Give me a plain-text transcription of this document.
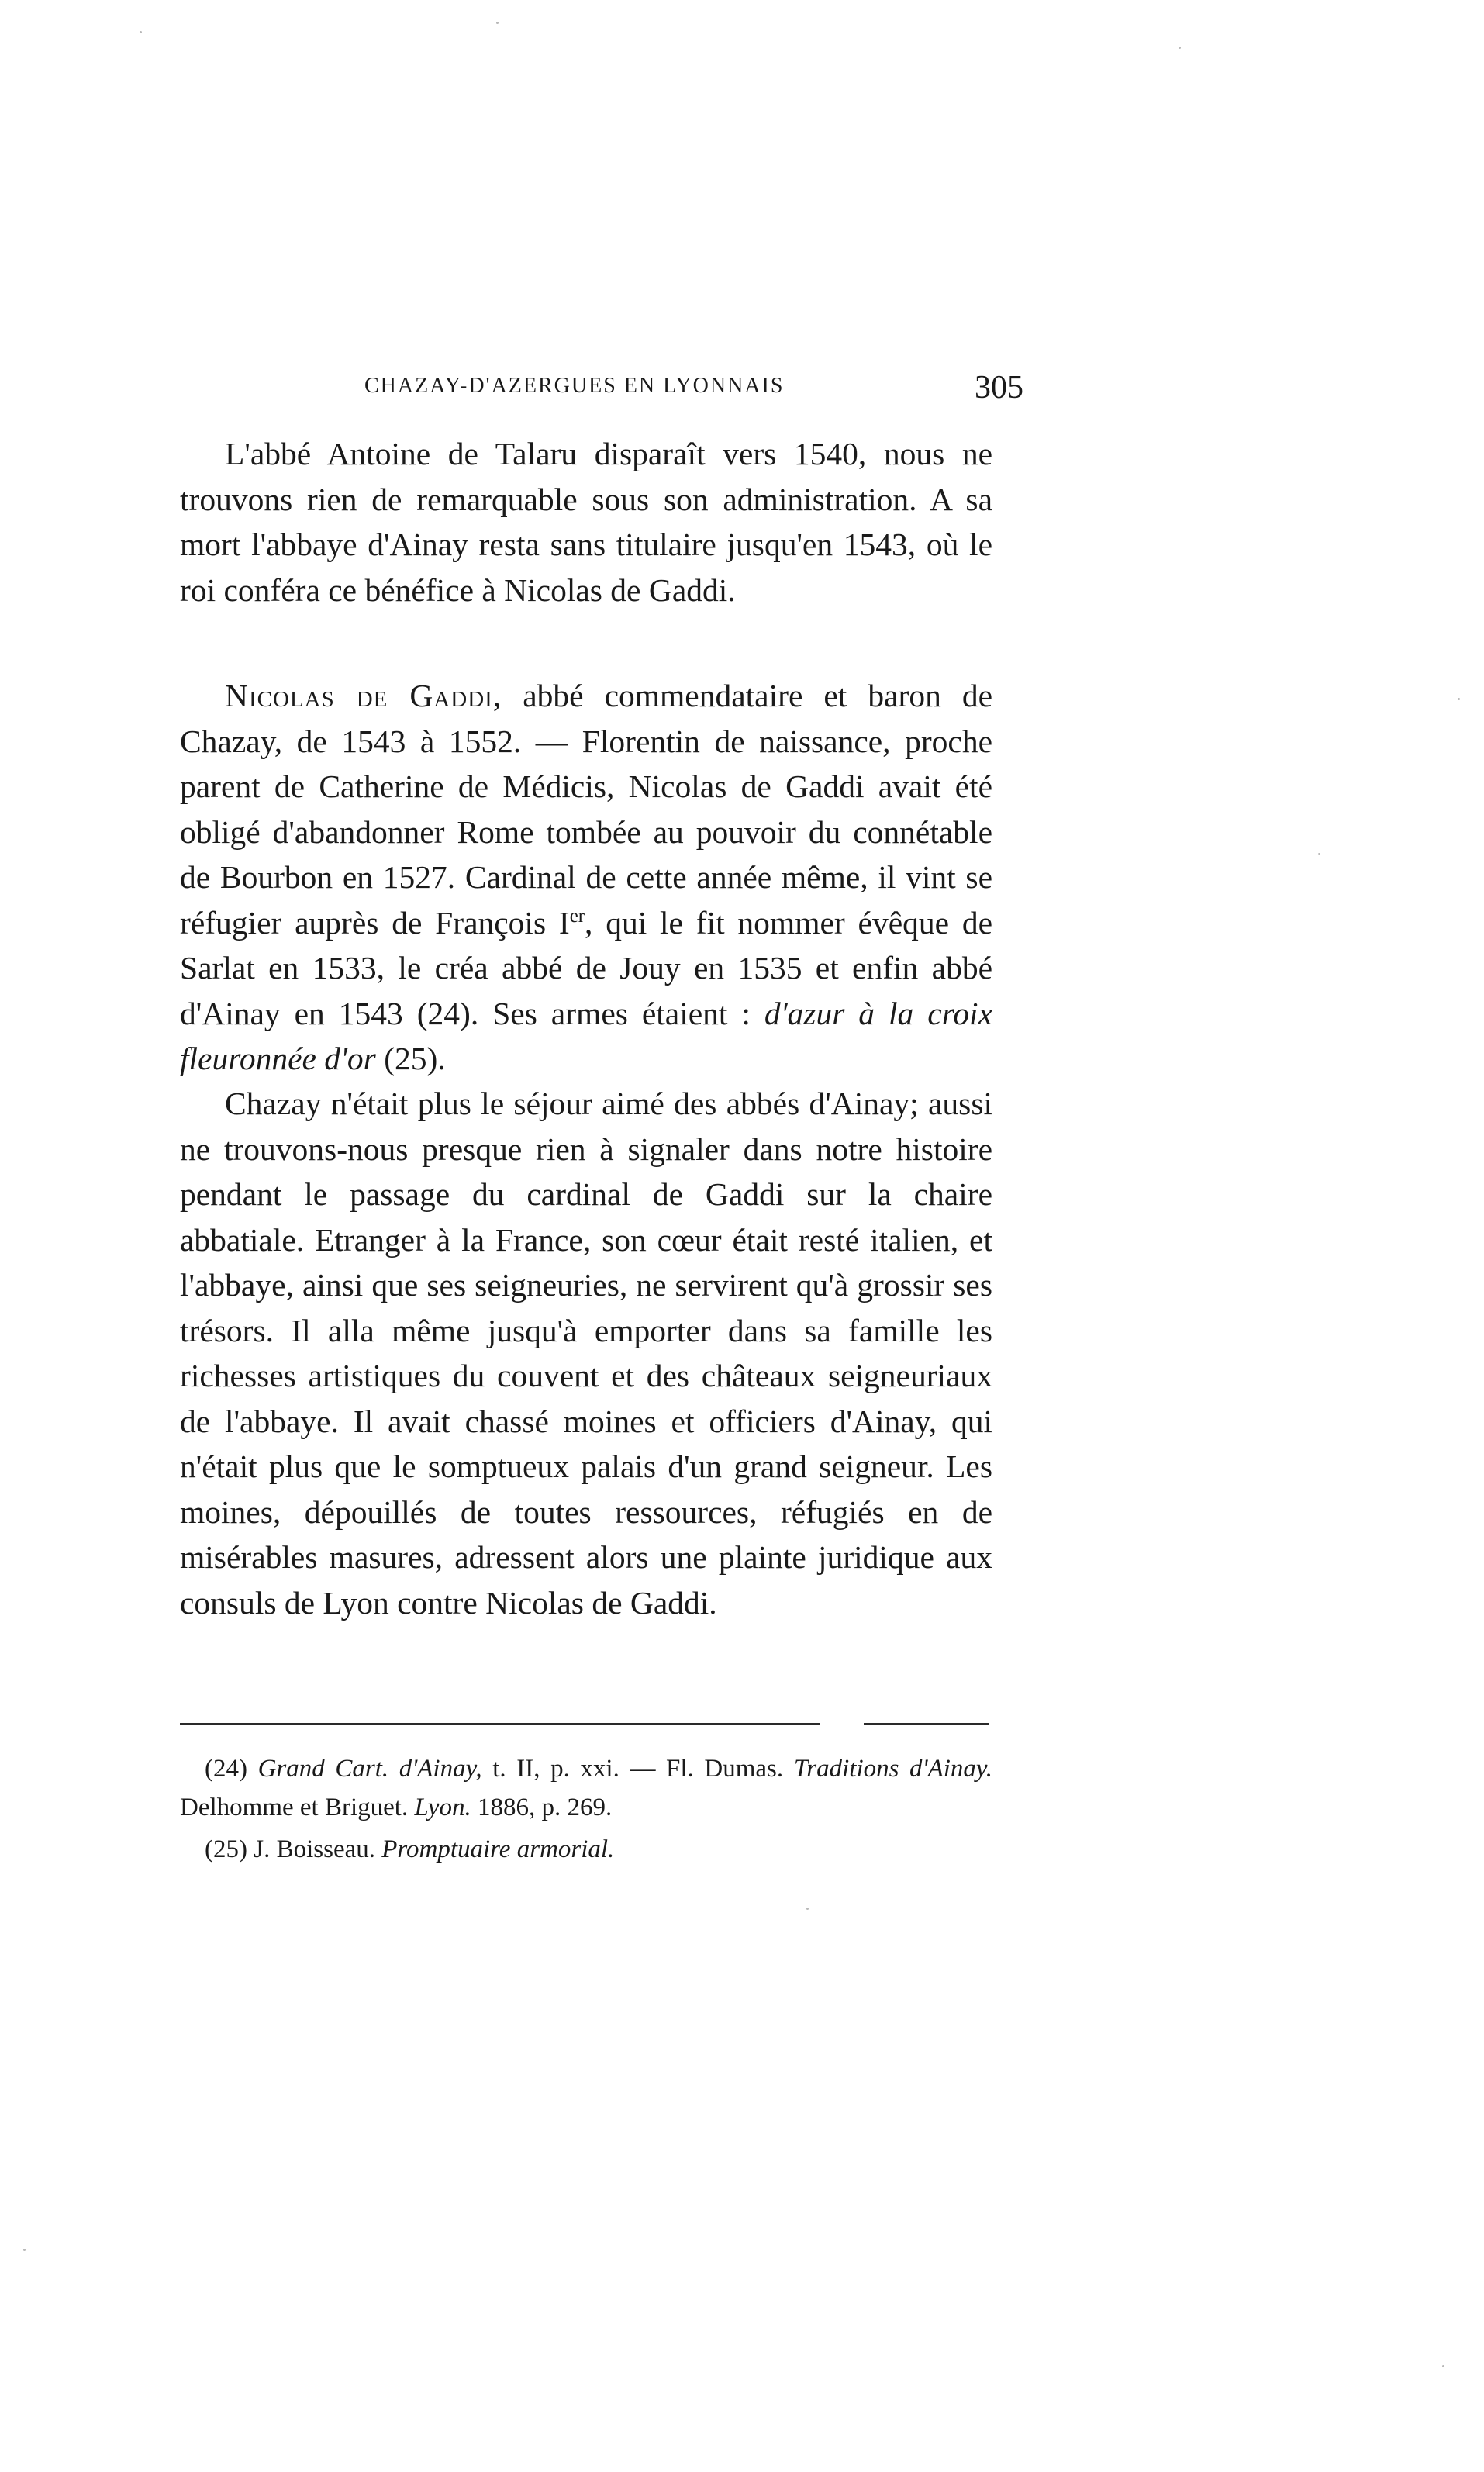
CHAZAY-D'AZERGUES EN LYONNAIS	305

L'abbé Antoine de Talaru disparaît vers 1540, nous ne trouvons rien de remarquable sous son administration. A sa mort l'abbaye d'Ainay resta sans titulaire jusqu'en 1543, où le roi conféra ce bénéfice à Nicolas de Gaddi.

Nicolas de Gaddi, abbé commendataire et baron de Chazay, de 1543 à 1552. — Florentin de naissance, proche parent de Catherine de Médicis, Nicolas de Gaddi avait été obligé d'abandonner Rome tombée au pouvoir du connétable de Bourbon en 1527. Cardinal de cette année même, il vint se réfugier auprès de François Ier, qui le fit nommer évêque de Sarlat en 1533, le créa abbé de Jouy en 1535 et enfin abbé d'Ainay en 1543 (24). Ses armes étaient : d'azur à la croix fleuronnée d'or (25).

Chazay n'était plus le séjour aimé des abbés d'Ainay; aussi ne trouvons-nous presque rien à signaler dans notre histoire pendant le passage du cardinal de Gaddi sur la chaire abbatiale. Etranger à la France, son cœur était resté italien, et l'abbaye, ainsi que ses seigneuries, ne servirent qu'à grossir ses trésors. Il alla même jusqu'à emporter dans sa famille les richesses artistiques du couvent et des châteaux seigneuriaux de l'abbaye. Il avait chassé moines et officiers d'Ainay, qui n'était plus que le somptueux palais d'un grand seigneur. Les moines, dépouillés de toutes ressources, réfugiés en de misérables masures, adressent alors une plainte juridique aux consuls de Lyon contre Nicolas de Gaddi.

(24) Grand Cart. d'Ainay, t. II, p. xxi. — Fl. Dumas. Traditions d'Ainay. Delhomme et Briguet. Lyon. 1886, p. 269.

(25) J. Boisseau. Promptuaire armorial.
